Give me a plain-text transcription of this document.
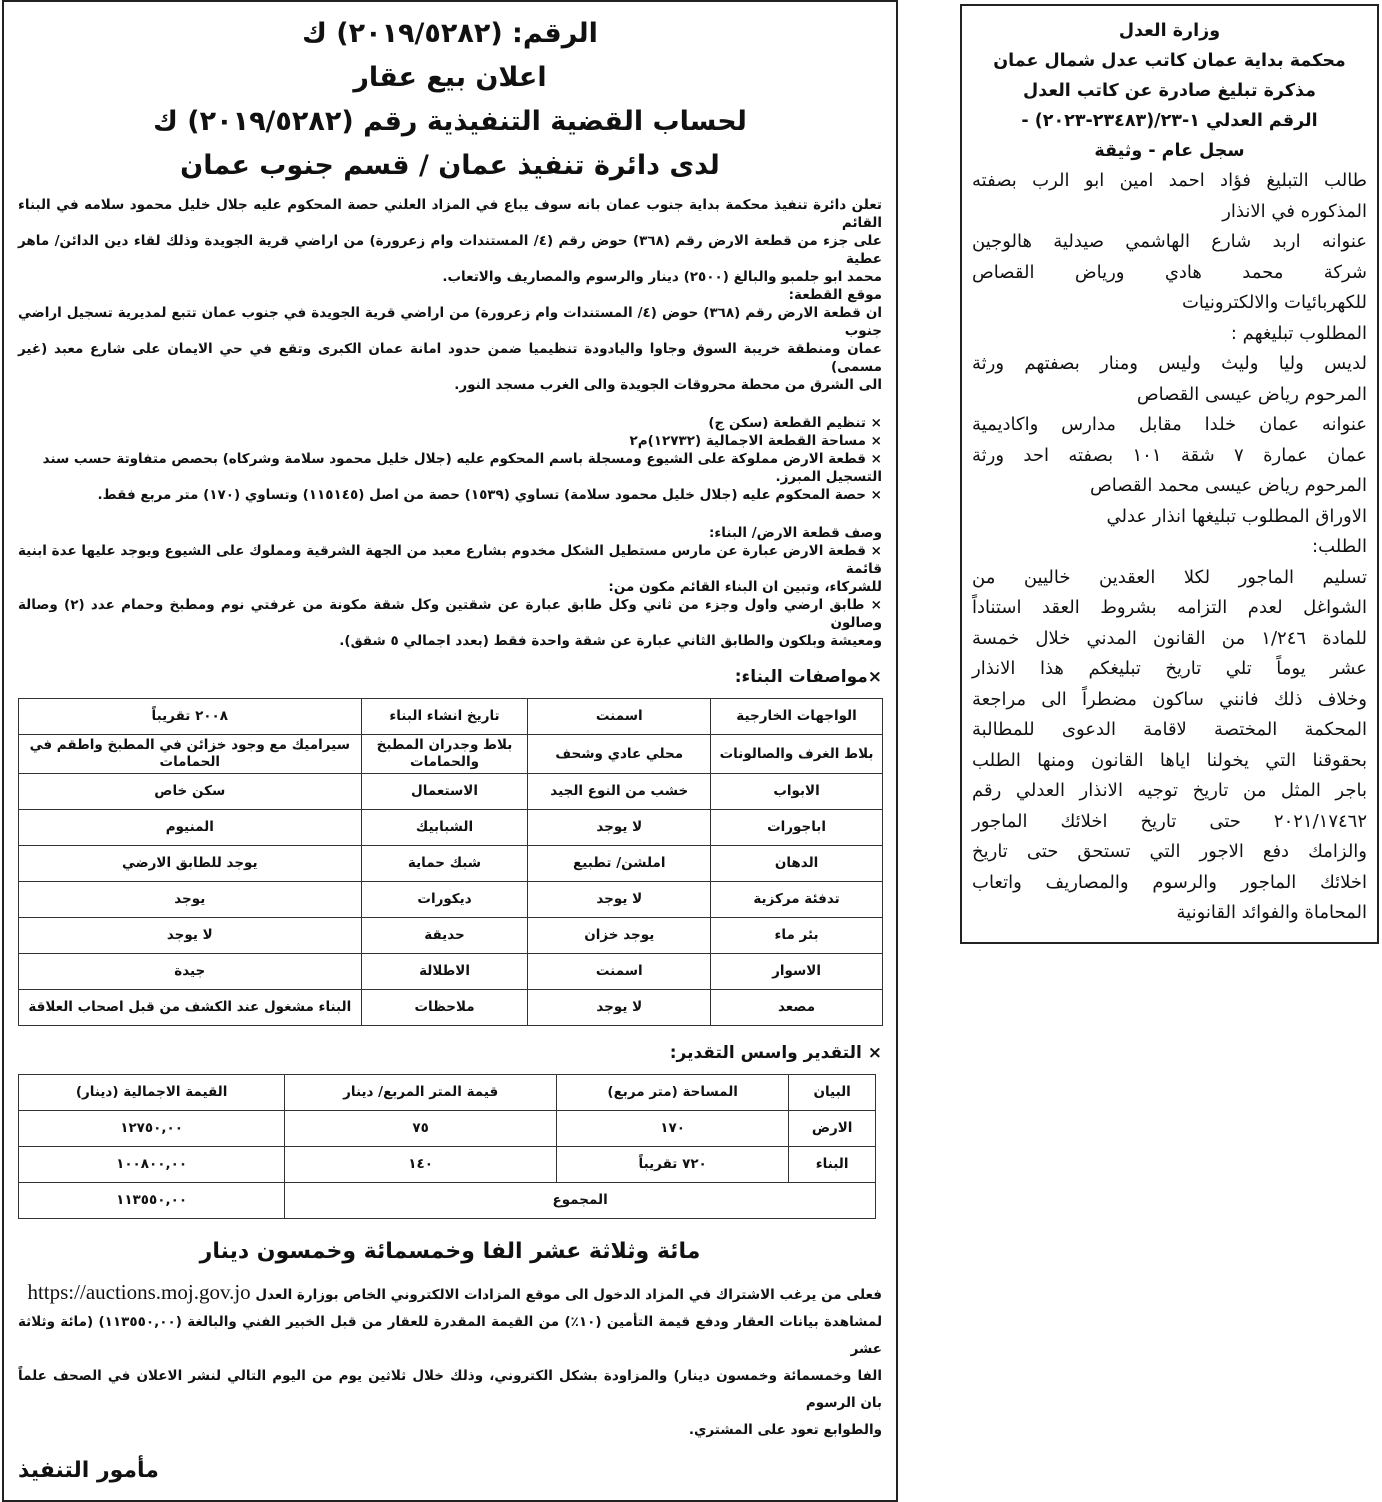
الرقم: (٢٠١٩/٥٢٨٢) ك
اعلان بيع عقار
لحساب القضية التنفيذية رقم (٢٠١٩/٥٢٨٢) ك
لدى دائرة تنفيذ عمان / قسم جنوب عمان
تعلن دائرة تنفيذ محكمة بداية جنوب عمان بانه سوف يباع في المزاد العلني حصة المحكوم عليه جلال خليل محمود سلامه في البناء القائم
على جزء من قطعة الارض رقم (٣٦٨) حوض رقم (٤/ المستندات وام زعرورة) من اراضي قرية الجويدة وذلك لقاء دين الدائن/ ماهر عطية
محمد ابو جلمبو والبالغ (٢٥٠٠) دينار والرسوم والمصاريف والاتعاب.
موقع القطعة:
ان قطعة الارض رقم (٣٦٨) حوض (٤/ المستندات وام زعرورة) من اراضي قرية الجويدة في جنوب عمان تتبع لمديرية تسجيل اراضي جنوب
عمان ومنطقة خريبة السوق وجاوا واليادودة تنظيميا ضمن حدود امانة عمان الكبرى وتقع في حي الايمان على شارع معبد (غير مسمى)
الى الشرق من محطة محروقات الجويدة والى الغرب مسجد النور.
× تنظيم القطعة (سكن ج)
× مساحة القطعة الاجمالية (١٢٧٣٢)م٢
× قطعة الارض مملوكة على الشيوع ومسجلة باسم المحكوم عليه (جلال خليل محمود سلامة وشركاه) بحصص متفاوتة حسب سند
التسجيل المبرز.
× حصة المحكوم عليه (جلال خليل محمود سلامة) تساوي (١٥٣٩) حصة من اصل (١١٥١٤٥) وتساوي (١٧٠) متر مربع فقط.
وصف قطعة الارض/ البناء:
× قطعة الارض عبارة عن مارس مستطيل الشكل مخدوم بشارع معبد من الجهة الشرقية ومملوك على الشيوع ويوجد عليها عدة ابنية قائمة
للشركاء، وتبين ان البناء القائم مكون من:
× طابق ارضي واول وجزء من ثاني وكل طابق عبارة عن شقتين وكل شقة مكونة من غرفتي نوم ومطبخ وحمام عدد (٢) وصالة وصالون
ومعيشة وبلكون والطابق الثاني عبارة عن شقة واحدة فقط (بعدد اجمالي ٥ شقق).
×مواصفات البناء:
الواجهات الخارجية	اسمنت	تاريخ انشاء البناء	٢٠٠٨ تقريباً
بلاط الغرف والصالونات	محلي عادي وشحف	بلاط وجدران المطبخ والحمامات	سيراميك مع وجود خزائن في المطبخ واطقم في الحمامات
الابواب	خشب من النوع الجيد	الاستعمال	سكن خاص
اباجورات	لا يوجد	الشبابيك	المنيوم
الدهان	املشن/ تطبيع	شبك حماية	يوجد للطابق الارضي
تدفئة مركزية	لا يوجد	ديكورات	يوجد
بئر ماء	يوجد خزان	حديقة	لا يوجد
الاسوار	اسمنت	الاطلالة	جيدة
مصعد	لا يوجد	ملاحظات	البناء مشغول عند الكشف من قبل اصحاب العلاقة
× التقدير واسس التقدير:
البيان	المساحة (متر مربع)	قيمة المتر المربع/ دينار	القيمة الاجمالية (دينار)
الارض	١٧٠	٧٥	١٢٧٥٠,٠٠
البناء	٧٢٠ تقريباً	١٤٠	١٠٠٨٠٠,٠٠
المجموع			١١٣٥٥٠,٠٠
مائة وثلاثة عشر الفا وخمسمائة وخمسون دينار
فعلى من يرغب الاشتراك في المزاد الدخول الى موقع المزادات الالكتروني الخاص بوزارة العدل https://auctions.moj.gov.jo
لمشاهدة بيانات العقار ودفع قيمة التأمين (١٠٪) من القيمة المقدرة للعقار من قبل الخبير الفني والبالغة (١١٣٥٥٠,٠٠) (مائة وثلاثة عشر
الفا وخمسمائة وخمسون دينار) والمزاودة بشكل الكتروني، وذلك خلال ثلاثين يوم من اليوم التالي لنشر الاعلان في الصحف علماً بان الرسوم
والطوابع تعود على المشتري.
مأمور التنفيذ
وزارة العدل
محكمة بداية عمان كاتب عدل شمال عمان
مذكرة تبليغ صادرة عن كاتب العدل
الرقم العدلي ١-٢٣/(٢٣٤٨٣-٢٠٢٣) -
سجل عام - وثيقة
طالب التبليغ فؤاد احمد امين ابو الرب بصفته
المذكوره في الانذار
عنوانه اربد شارع الهاشمي صيدلية هالوجين
شركة محمد هادي ورياض القصاص
للكهربائيات والالكترونيات
المطلوب تبليغهم :
لديس وليا وليث وليس ومنار بصفتهم ورثة
المرحوم رياض عيسى القصاص
عنوانه عمان خلدا مقابل مدارس واكاديمية
عمان عمارة ٧ شقة ١٠١ بصفته احد ورثة
المرحوم رياض عيسى محمد القصاص
الاوراق المطلوب تبليغها انذار عدلي
الطلب:
تسليم الماجور لكلا العقدين خاليين من
الشواغل لعدم التزامه بشروط العقد استناداً
للمادة ١/٢٤٦ من القانون المدني خلال خمسة
عشر يوماً تلي تاريخ تبليغكم هذا الانذار
وخلاف ذلك فانني ساكون مضطراً الى مراجعة
المحكمة المختصة لاقامة الدعوى للمطالبة
بحقوقنا التي يخولنا اياها القانون ومنها الطلب
باجر المثل من تاريخ توجيه الانذار العدلي رقم
٢٠٢١/١٧٤٦٢ حتى تاريخ اخلائك الماجور
والزامك دفع الاجور التي تستحق حتى تاريخ
اخلائك الماجور والرسوم والمصاريف واتعاب
المحاماة والفوائد القانونية
